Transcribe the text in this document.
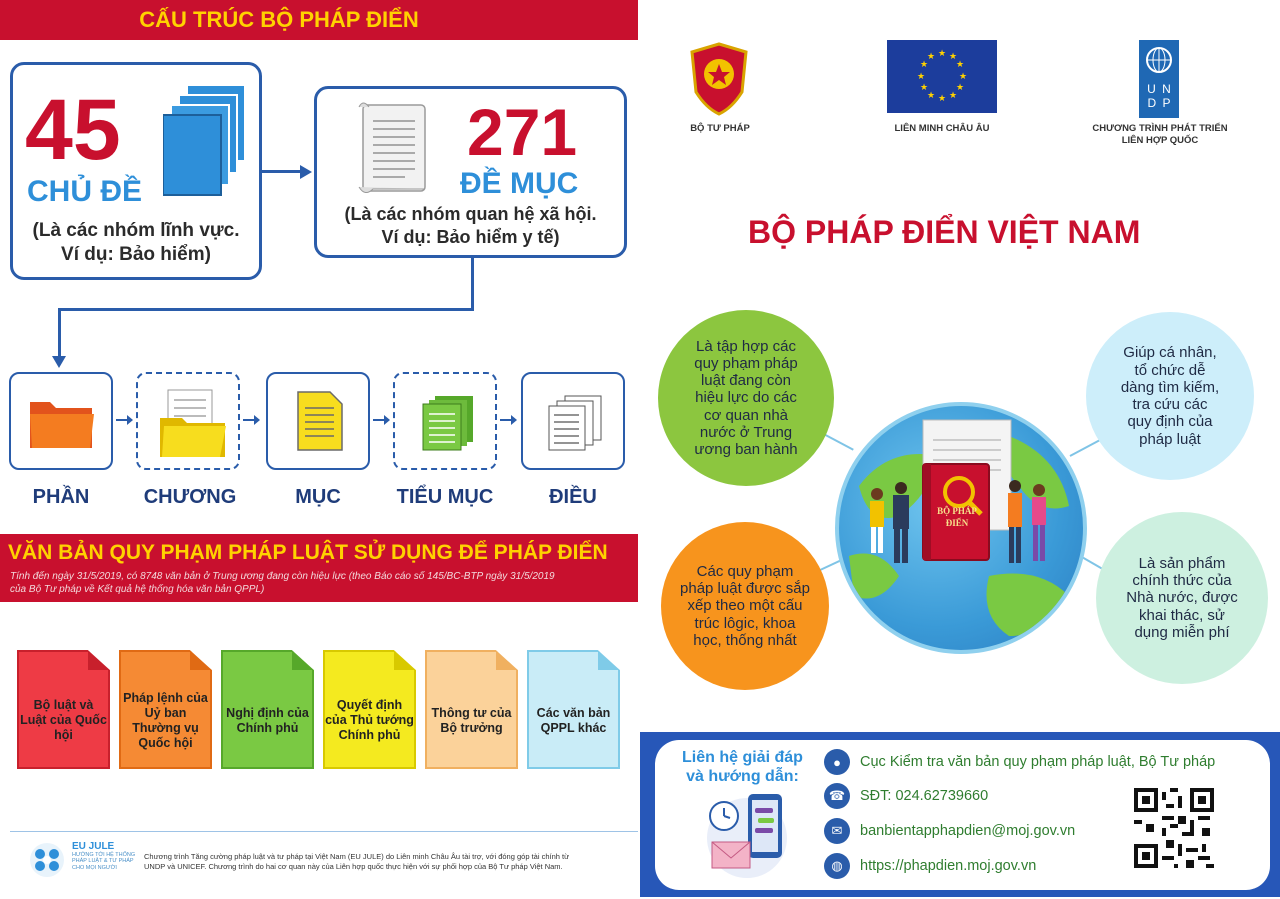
CẤU TRÚC BỘ PHÁP ĐIỂN
45
CHỦ ĐỀ
(Là các nhóm lĩnh vực.
Ví dụ: Bảo hiểm)
271
ĐỀ MỤC
(Là các nhóm quan hệ xã hội.
Ví dụ: Bảo hiểm y tế)
PHẦN	CHƯƠNG	MỤC	TIỂU MỤC	ĐIỀU
VĂN BẢN QUY PHẠM PHÁP LUẬT SỬ DỤNG ĐỂ PHÁP ĐIỂN
Tính đến ngày 31/5/2019, có 8748 văn bản ở Trung ương đang còn hiệu lực (theo Báo cáo số 145/BC-BTP ngày 31/5/2019
của Bộ Tư pháp về Kết quả hệ thống hóa văn bản QPPL)
Bộ luật và Luật của Quốc hội
Pháp lệnh của Uỷ ban Thường vụ Quốc hội
Nghị định của Chính phủ
Quyết định của Thủ tướng Chính phủ
Thông tư của Bộ trưởng
Các văn bản QPPL khác
EU JULE
HƯỚNG TỚI HỆ THỐNG PHÁP LUẬT & TƯ PHÁP CHO MỌI NGƯỜI
Chương trình Tăng cường pháp luật và tư pháp tại Việt Nam (EU JULE) do Liên minh Châu Âu tài trợ, với đóng góp tài chính từ
UNDP và UNICEF. Chương trình do hai cơ quan này của Liên hợp quốc thực hiện với sự phối hợp của Bộ Tư pháp Việt Nam.
BỘ TƯ PHÁP
★ ★
★
★
★
★
★
★
★
★
★
★
LIÊN MINH CHÂU ÂU
U N D P
CHƯƠNG TRÌNH PHÁT TRIỂN
LIÊN HỢP QUỐC
BỘ PHÁP ĐIỂN VIỆT NAM
BỘ PHÁP ĐIỂN
Là tập hợp các quy phạm pháp luật đang còn hiệu lực do các cơ quan nhà nước ở Trung ương ban hành
Giúp cá nhân, tổ chức dễ dàng tìm kiếm, tra cứu các quy định của pháp luật
Các quy phạm pháp luật được sắp xếp theo một cấu trúc lôgic, khoa học, thống nhất
Là sản phẩm chính thức của Nhà nước, được khai thác, sử dụng miễn phí
Liên hệ giải đáp
và hướng dẫn:
●	Cục Kiểm tra văn bản quy phạm pháp luật, Bộ Tư pháp
☎	SĐT: 024.62739660
✉	banbientapphapdien@moj.gov.vn
◍	https://phapdien.moj.gov.vn
